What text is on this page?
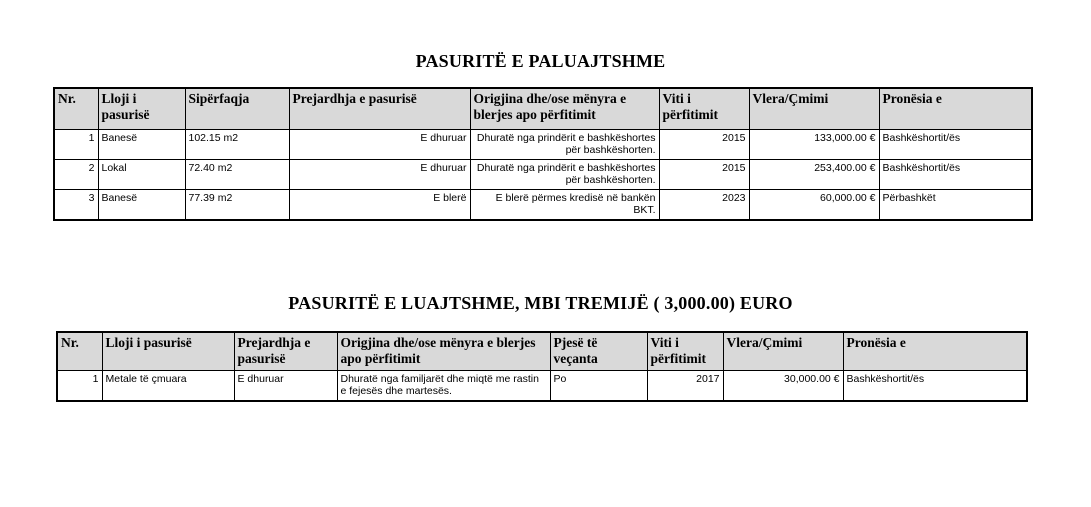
PASURITË E PALUAJTSHME
Nr.	Lloji i pasurisë	Sipërfaqja	Prejardhja e pasurisë	Origjina dhe/ose mënyra e blerjes apo përfitimit	Viti i përfitimit	Vlera/Çmimi	Pronësia e
1	Banesë	102.15 m2	E dhuruar	Dhuratë nga prindërit e bashkëshortes për bashkëshorten.	2015	133,000.00 €	Bashkëshortit/ës
2	Lokal	72.40 m2	E dhuruar	Dhuratë nga prindërit e bashkëshortes për bashkëshorten.	2015	253,400.00 €	Bashkëshortit/ës
3	Banesë	77.39 m2	E blerë	E blerë përmes kredisë në bankën BKT.	2023	60,000.00 €	Përbashkët
PASURITË E LUAJTSHME, MBI TREMIJË ( 3,000.00) EURO
Nr.	Lloji i pasurisë	Prejardhja e pasurisë	Origjina dhe/ose mënyra e blerjes apo përfitimit	Pjesë të veçanta	Viti i përfitimit	Vlera/Çmimi	Pronësia e
1	Metale të çmuara	E dhuruar	Dhuratë nga familjarët dhe miqtë me rastin e fejesës dhe martesës.	Po	2017	30,000.00 €	Bashkëshortit/ës
